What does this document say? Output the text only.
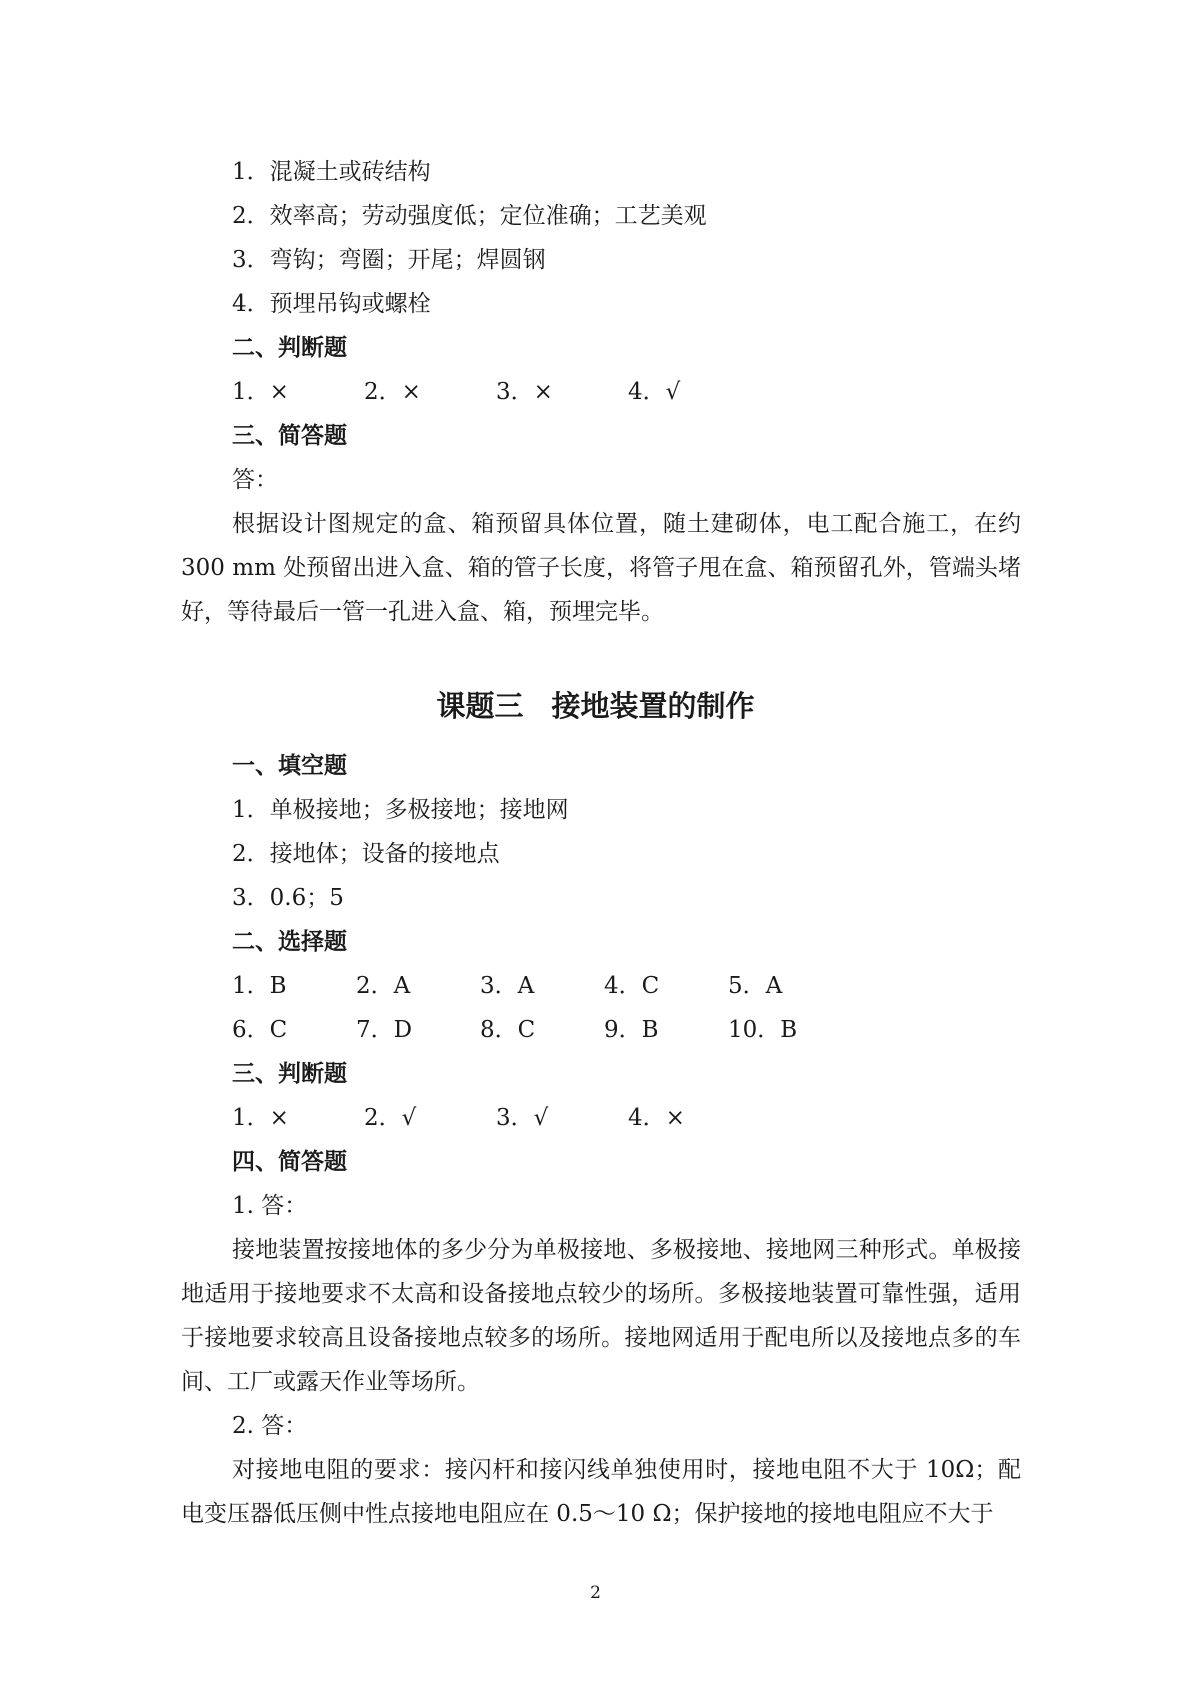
1．混凝土或砖结构
2．效率高；劳动强度低；定位准确；工艺美观
3．弯钩；弯圈；开尾；焊圆钢
4．预埋吊钩或螺栓
二、判断题
1．×	2．×	3．×	4．√
三、简答题
答：
根据设计图规定的盒、箱预留具体位置，随土建砌体，电工配合施工，在约300 mm 处预留出进入盒、箱的管子长度，将管子甩在盒、箱预留孔外，管端头堵好，等待最后一管一孔进入盒、箱，预埋完毕。
课题三 接地装置的制作
一、填空题
1．单极接地；多极接地；接地网
2．接地体；设备的接地点
3．0.6；5
二、选择题
1．B	2．A	3．A	4．C	5．A
6．C	7．D	8．C	9．B	10．B
三、判断题
1．×	2．√	3．√	4．×
四、简答题
1. 答：
接地装置按接地体的多少分为单极接地、多极接地、接地网三种形式。单极接地适用于接地要求不太高和设备接地点较少的场所。多极接地装置可靠性强，适用于接地要求较高且设备接地点较多的场所。接地网适用于配电所以及接地点多的车间、工厂或露天作业等场所。
2. 答：
对接地电阻的要求：接闪杆和接闪线单独使用时，接地电阻不大于 10Ω；配电变压器低压侧中性点接地电阻应在 0.5～10 Ω；保护接地的接地电阻应不大于
2
